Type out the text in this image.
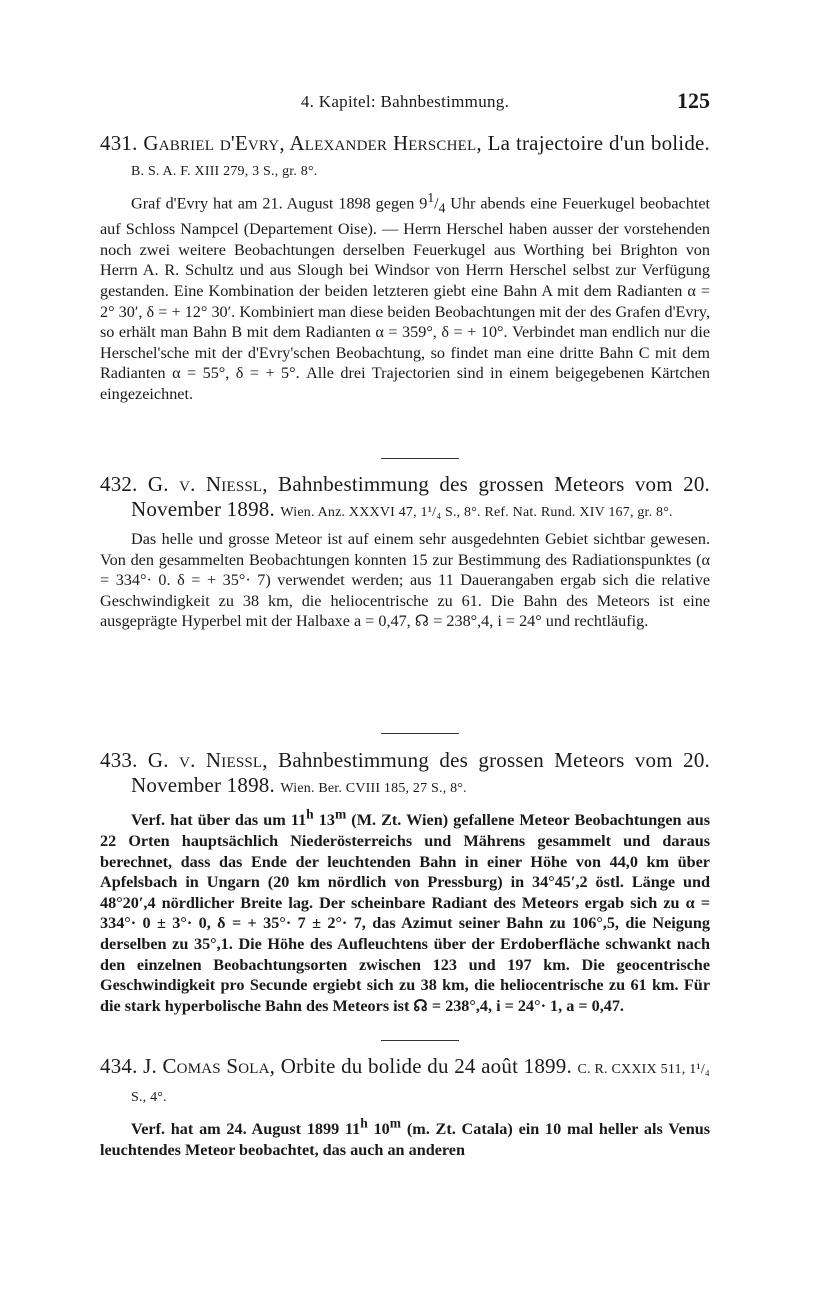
4. Kapitel: Bahnbestimmung.	125

431. Gabriel d'Evry, Alexander Herschel, La trajectoire d'un bolide. B. S. A. F. XIII 279, 3 S., gr. 8°.

Graf d'Evry hat am 21. August 1898 gegen $9^1/_4$ Uhr abends eine Feuerkugel beobachtet auf Schloss Nampcel (Departement Oise). — Herrn Herschel haben ausser der vorstehenden noch zwei weitere Beobachtungen derselben Feuerkugel aus Worthing bei Brighton von Herrn A. R. Schultz und aus Slough bei Windsor von Herrn Herschel selbst zur Verfügung gestanden. Eine Kombination der beiden letzteren giebt eine Bahn A mit dem Radianten α = 2° 30′, δ = + 12° 30′. Kombiniert man diese beiden Beobachtungen mit der des Grafen d'Evry, so erhält man Bahn B mit dem Radianten α = 359°, δ = + 10°. Verbindet man endlich nur die Herschel'sche mit der d'Evry'schen Beobachtung, so findet man eine dritte Bahn C mit dem Radianten α = 55°, δ = + 5°. Alle drei Trajectorien sind in einem beigegebenen Kärtchen eingezeichnet.

432. G. v. Niessl, Bahnbestimmung des grossen Meteors vom 20. November 1898. Wien. Anz. XXXVI 47, 1¹/₄ S., 8°. Ref. Nat. Rund. XIV 167, gr. 8°.

Das helle und grosse Meteor ist auf einem sehr ausgedehnten Gebiet sichtbar gewesen. Von den gesammelten Beobachtungen konnten 15 zur Bestimmung des Radiationspunktes (α = 334°· 0. δ = + 35°· 7) verwendet werden; aus 11 Dauerangaben ergab sich die relative Geschwindigkeit zu 38 km, die heliocentrische zu 61. Die Bahn des Meteors ist eine ausgeprägte Hyperbel mit der Halbaxe a = 0,47, ☊ = 238°,4, i = 24° und rechtläufig.

433. G. v. Niessl, Bahnbestimmung des grossen Meteors vom 20. November 1898. Wien. Ber. CVIII 185, 27 S., 8°.

Verf. hat über das um 11$^h$ 13$^m$ (M. Zt. Wien) gefallene Meteor Beobachtungen aus 22 Orten hauptsächlich Niederösterreichs und Mährens gesammelt und daraus berechnet, dass das Ende der leuchtenden Bahn in einer Höhe von 44,0 km über Apfelsbach in Ungarn (20 km nördlich von Pressburg) in 34°45′,2 östl. Länge und 48°20′,4 nördlicher Breite lag. Der scheinbare Radiant des Meteors ergab sich zu α = 334°· 0 ± 3°· 0, δ = + 35°· 7 ± 2°· 7, das Azimut seiner Bahn zu 106°,5, die Neigung derselben zu 35°,1. Die Höhe des Aufleuchtens über der Erdoberfläche schwankt nach den einzelnen Beobachtungsorten zwischen 123 und 197 km. Die geocentrische Geschwindigkeit pro Secunde ergiebt sich zu 38 km, die heliocentrische zu 61 km. Für die stark hyperbolische Bahn des Meteors ist ☊ = 238°,4, i = 24°· 1, a = 0,47.

434. J. Comas Sola, Orbite du bolide du 24 août 1899. C. R. CXXIX 511, 1¹/₄ S., 4°.

Verf. hat am 24. August 1899 11$^h$ 10$^m$ (m. Zt. Catala) ein 10 mal heller als Venus leuchtendes Meteor beobachtet, das auch an anderen
